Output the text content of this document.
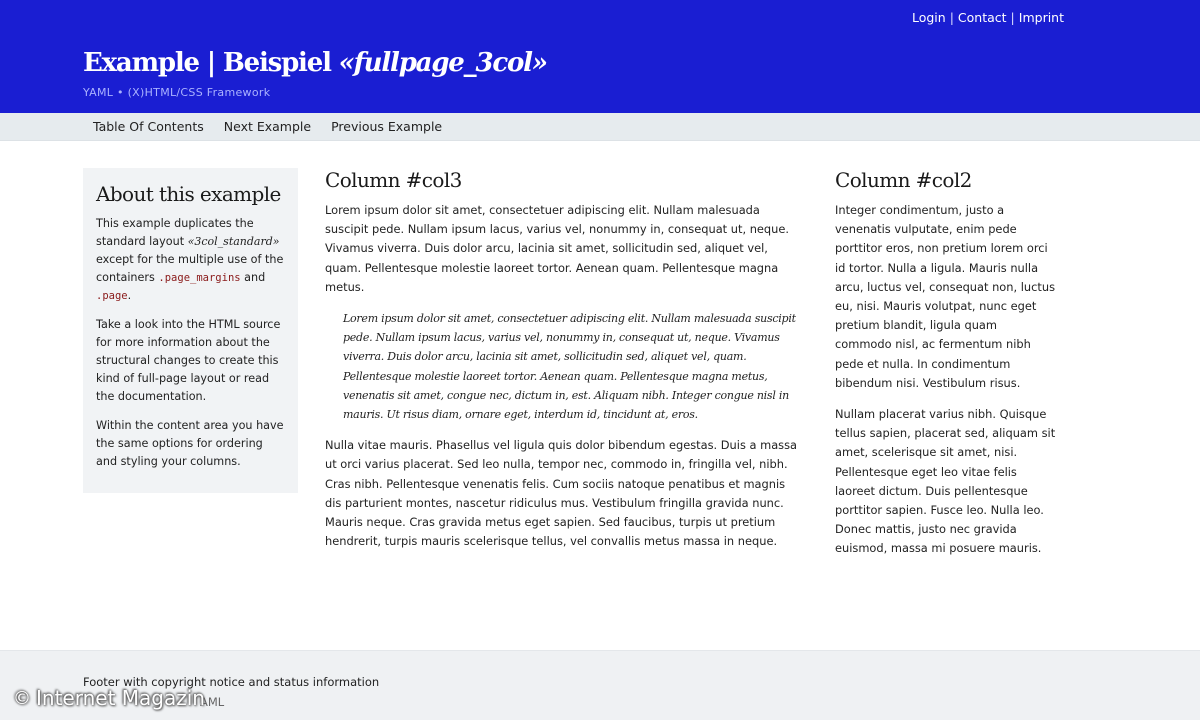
Login | Contact | Imprint
Example | Beispiel «fullpage_3col»
YAML • (X)HTML/CSS Framework
Table Of Contents	Next Example	Previous Example
About this example

This example duplicates the standard layout «3col_standard» except for the multiple use of the containers .page_margins and .page.

Take a look into the HTML source for more information about the structural changes to create this kind of full-page layout or read the documentation.

Within the content area you have the same options for ordering and styling your columns.

Column #col3

Lorem ipsum dolor sit amet, consectetuer adipiscing elit. Nullam malesuada suscipit pede. Nullam ipsum lacus, varius vel, nonummy in, consequat ut, neque. Vivamus viverra. Duis dolor arcu, lacinia sit amet, sollicitudin sed, aliquet vel, quam. Pellentesque molestie laoreet tortor. Aenean quam. Pellentesque magna metus.

Lorem ipsum dolor sit amet, consectetuer adipiscing elit. Nullam malesuada suscipit pede. Nullam ipsum lacus, varius vel, nonummy in, consequat ut, neque. Vivamus viverra. Duis dolor arcu, lacinia sit amet, sollicitudin sed, aliquet vel, quam. Pellentesque molestie laoreet tortor. Aenean quam. Pellentesque magna metus, venenatis sit amet, congue nec, dictum in, est. Aliquam nibh. Integer congue nisl in mauris. Ut risus diam, ornare eget, interdum id, tincidunt at, eros.

Nulla vitae mauris. Phasellus vel ligula quis dolor bibendum egestas. Duis a massa ut orci varius placerat. Sed leo nulla, tempor nec, commodo in, fringilla vel, nibh. Cras nibh. Pellentesque venenatis felis. Cum sociis natoque penatibus et magnis dis parturient montes, nascetur ridiculus mus. Vestibulum fringilla gravida nunc. Mauris neque. Cras gravida metus eget sapien. Sed faucibus, turpis ut pretium hendrerit, turpis mauris scelerisque tellus, vel convallis metus massa in neque.

Column #col2

Integer condimentum, justo a venenatis vulputate, enim pede porttitor eros, non pretium lorem orci id tortor. Nulla a ligula. Mauris nulla arcu, luctus vel, consequat non, luctus eu, nisi. Mauris volutpat, nunc eget pretium blandit, ligula quam commodo nisl, ac fermentum nibh pede et nulla. In condimentum bibendum nisi. Vestibulum risus.

Nullam placerat varius nibh. Quisque tellus sapien, placerat sed, aliquam sit amet, scelerisque sit amet, nisi. Pellentesque eget leo vitae felis laoreet dictum. Duis pellentesque porttitor sapien. Fusce leo. Nulla leo. Donec mattis, justo nec gravida euismod, massa mi posuere mauris.

Footer with copyright notice and status information
AML
© Internet Magazin
